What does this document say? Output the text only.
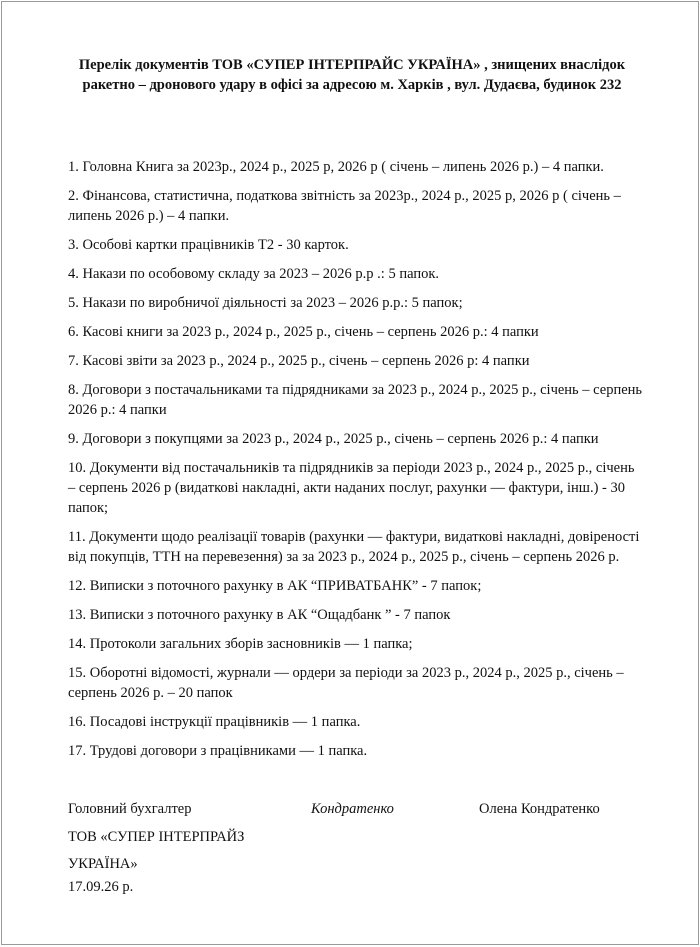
Перелік документів ТОВ «СУПЕР ІНТЕРПРАЙС УКРАЇНА» , знищених внаслідок ракетно – дронового удару в офісі за адресою м. Харків , вул. Дудаєва, будинок 232
1. Головна Книга за 2023р., 2024 р., 2025 р, 2026 р ( січень – липень 2026 р.) – 4 папки.
2. Фінансова, статистична, податкова звітність за 2023р., 2024 р., 2025 р, 2026 р ( січень – липень 2026 р.) – 4 папки.
3. Особові картки працівників Т2 - 30 карток.
4. Накази по особовому складу за 2023 – 2026 р.р .: 5 папок.
5. Накази по виробничої діяльності за 2023 – 2026 р.р.: 5 папок;
6. Касові книги за 2023 р., 2024 р., 2025 р., січень – серпень 2026 р.: 4 папки
7. Касові звіти за 2023 р., 2024 р., 2025 р., січень – серпень 2026 р: 4 папки
8. Договори з постачальниками та підрядниками за 2023 р., 2024 р., 2025 р., січень – серпень 2026 р.: 4 папки
9. Договори з покупцями за 2023 р., 2024 р., 2025 р., січень – серпень 2026 р.: 4 папки
10. Документи від постачальників та підрядників за періоди 2023 р., 2024 р., 2025 р., січень – серпень 2026 р (видаткові накладні, акти наданих послуг, рахунки — фактури, інш.) - 30 папок;
11. Документи щодо реалізації товарів (рахунки — фактури, видаткові накладні, довіреності від покупців, ТТН на перевезення) за за 2023 р., 2024 р., 2025 р., січень – серпень 2026 р.
12. Виписки з поточного рахунку в АК “ПРИВАТБАНК” - 7 папок;
13. Виписки з поточного рахунку в АК “Ощадбанк ” - 7 папок
14. Протоколи загальних зборів засновників — 1 папка;
15. Оборотні відомості, журнали — ордери за періоди за 2023 р., 2024 р., 2025 р., січень – серпень 2026 р. – 20 папок
16. Посадові інструкції працівників — 1 папка.
17. Трудові договори з працівниками — 1 папка.
Головний бухгалтер	Кондратенко	Олена Кондратенко
ТОВ «СУПЕР ІНТЕРПРАЙЗ
УКРАЇНА»
17.09.26 р.
